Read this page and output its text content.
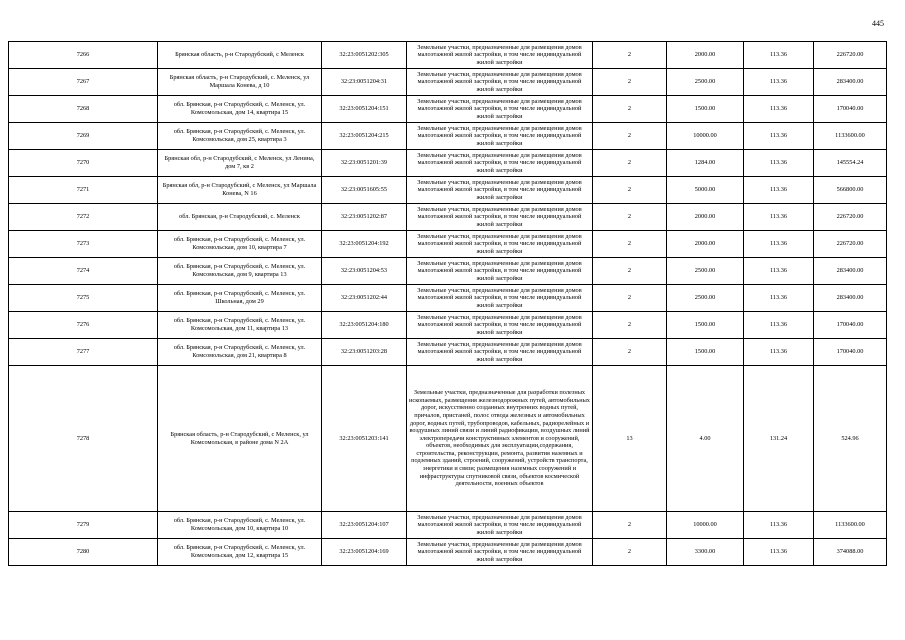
445
7266	Брянская область, р-н Стародубский, с Меленск	32:23:0051202:305	Земельные участки, предназначенные для размещения домов малоэтажной жилой застройки, в том числе индивидуальной жилой застройки	2	2000.00	113.36	226720.00
7267	Брянская область, р-н Стародубский, с. Меленск, ул Маршала Конева, д 10	32:23:0051204:31	Земельные участки, предназначенные для размещения домов малоэтажной жилой застройки, в том числе индивидуальной жилой застройки	2	2500.00	113.36	283400.00
7268	обл. Брянская, р-н Стародубский, с. Меленск, ул. Комсомольская, дом 14, квартира 15	32:23:0051204:151	Земельные участки, предназначенные для размещения домов малоэтажной жилой застройки, в том числе индивидуальной жилой застройки	2	1500.00	113.36	170040.00
7269	обл. Брянская, р-н Стародубский, с. Меленск, ул. Комсомольская, дом 25, квартира 3	32:23:0051204:215	Земельные участки, предназначенные для размещения домов малоэтажной жилой застройки, в том числе индивидуальной жилой застройки	2	10000.00	113.36	1133600.00
7270	Брянская обл, р-н Стародубский, с Меленск, ул Ленина, дом 7, кв 2	32:23:0051201:39	Земельные участки, предназначенные для размещения домов малоэтажной жилой застройки, в том числе индивидуальной жилой застройки	2	1284.00	113.36	145554.24
7271	Брянская обл, р-н Стародубский, с Меленск, ул Маршала Конева, N 16	32:23:0051605:55	Земельные участки, предназначенные для размещения домов малоэтажной жилой застройки, в том числе индивидуальной жилой застройки	2	5000.00	113.36	566800.00
7272	обл. Брянская, р-н Стародубский, с. Меленск	32:23:0051202:87	Земельные участки, предназначенные для размещения домов малоэтажной жилой застройки, в том числе индивидуальной жилой застройки	2	2000.00	113.36	226720.00
7273	обл. Брянская, р-н Стародубский, с. Меленск, ул. Комсомольская, дом 10, квартира 7	32:23:0051204:192	Земельные участки, предназначенные для размещения домов малоэтажной жилой застройки, в том числе индивидуальной жилой застройки	2	2000.00	113.36	226720.00
7274	обл. Брянская, р-н Стародубский, с. Меленск, ул. Комсомольская, дом 9, квартира 13	32:23:0051204:53	Земельные участки, предназначенные для размещения домов малоэтажной жилой застройки, в том числе индивидуальной жилой застройки	2	2500.00	113.36	283400.00
7275	обл. Брянская, р-н Стародубский, с. Меленск, ул. Школьная, дом 29	32:23:0051202:44	Земельные участки, предназначенные для размещения домов малоэтажной жилой застройки, в том числе индивидуальной жилой застройки	2	2500.00	113.36	283400.00
7276	обл. Брянская, р-н Стародубский, с. Меленск, ул. Комсомольская, дом 11, квартира 13	32:23:0051204:180	Земельные участки, предназначенные для размещения домов малоэтажной жилой застройки, в том числе индивидуальной жилой застройки	2	1500.00	113.36	170040.00
7277	обл. Брянская, р-н Стародубский, с. Меленск, ул. Комсомольская, дом 21, квартира 8	32:23:0051203:28	Земельные участки, предназначенные для размещения домов малоэтажной жилой застройки, в том числе индивидуальной жилой застройки	2	1500.00	113.36	170040.00
7278	Брянская область, р-н Стародубский, с Меленск, ул Комсомольская, в районе дома N 2А	32:23:0051203:141	Земельные участки, предназначенные для разработки полезных ископаемых, размещения железнодорожных путей, автомобильных дорог, искусственно созданных внутренних водных путей, причалов, пристаней, полос отвода железных и автомобильных дорог, водных путей, трубопроводов, кабельных, радиорелейных и воздушных линий связи и линий радиофикации, воздушных линий электропередачи конструктивных элементов и сооружений, объектов, необходимых для эксплуатации,содержания, строительства, реконструкции, ремонта, развития наземных и подземных зданий, строений, сооружений, устройств транспорта, энергетики и связи; размещения наземных сооружений и инфраструктуры спутниковой связи, объектов космической деятельности, военных объектов	13	4.00	131.24	524.96
7279	обл. Брянская, р-н Стародубский, с. Меленск, ул. Комсомольская, дом 10, квартира 10	32:23:0051204:107	Земельные участки, предназначенные для размещения домов малоэтажной жилой застройки, в том числе индивидуальной жилой застройки	2	10000.00	113.36	1133600.00
7280	обл. Брянская, р-н Стародубский, с. Меленск, ул. Комсомольская, дом 12, квартира 15	32:23:0051204:169	Земельные участки, предназначенные для размещения домов малоэтажной жилой застройки, в том числе индивидуальной жилой застройки	2	3300.00	113.36	374088.00
